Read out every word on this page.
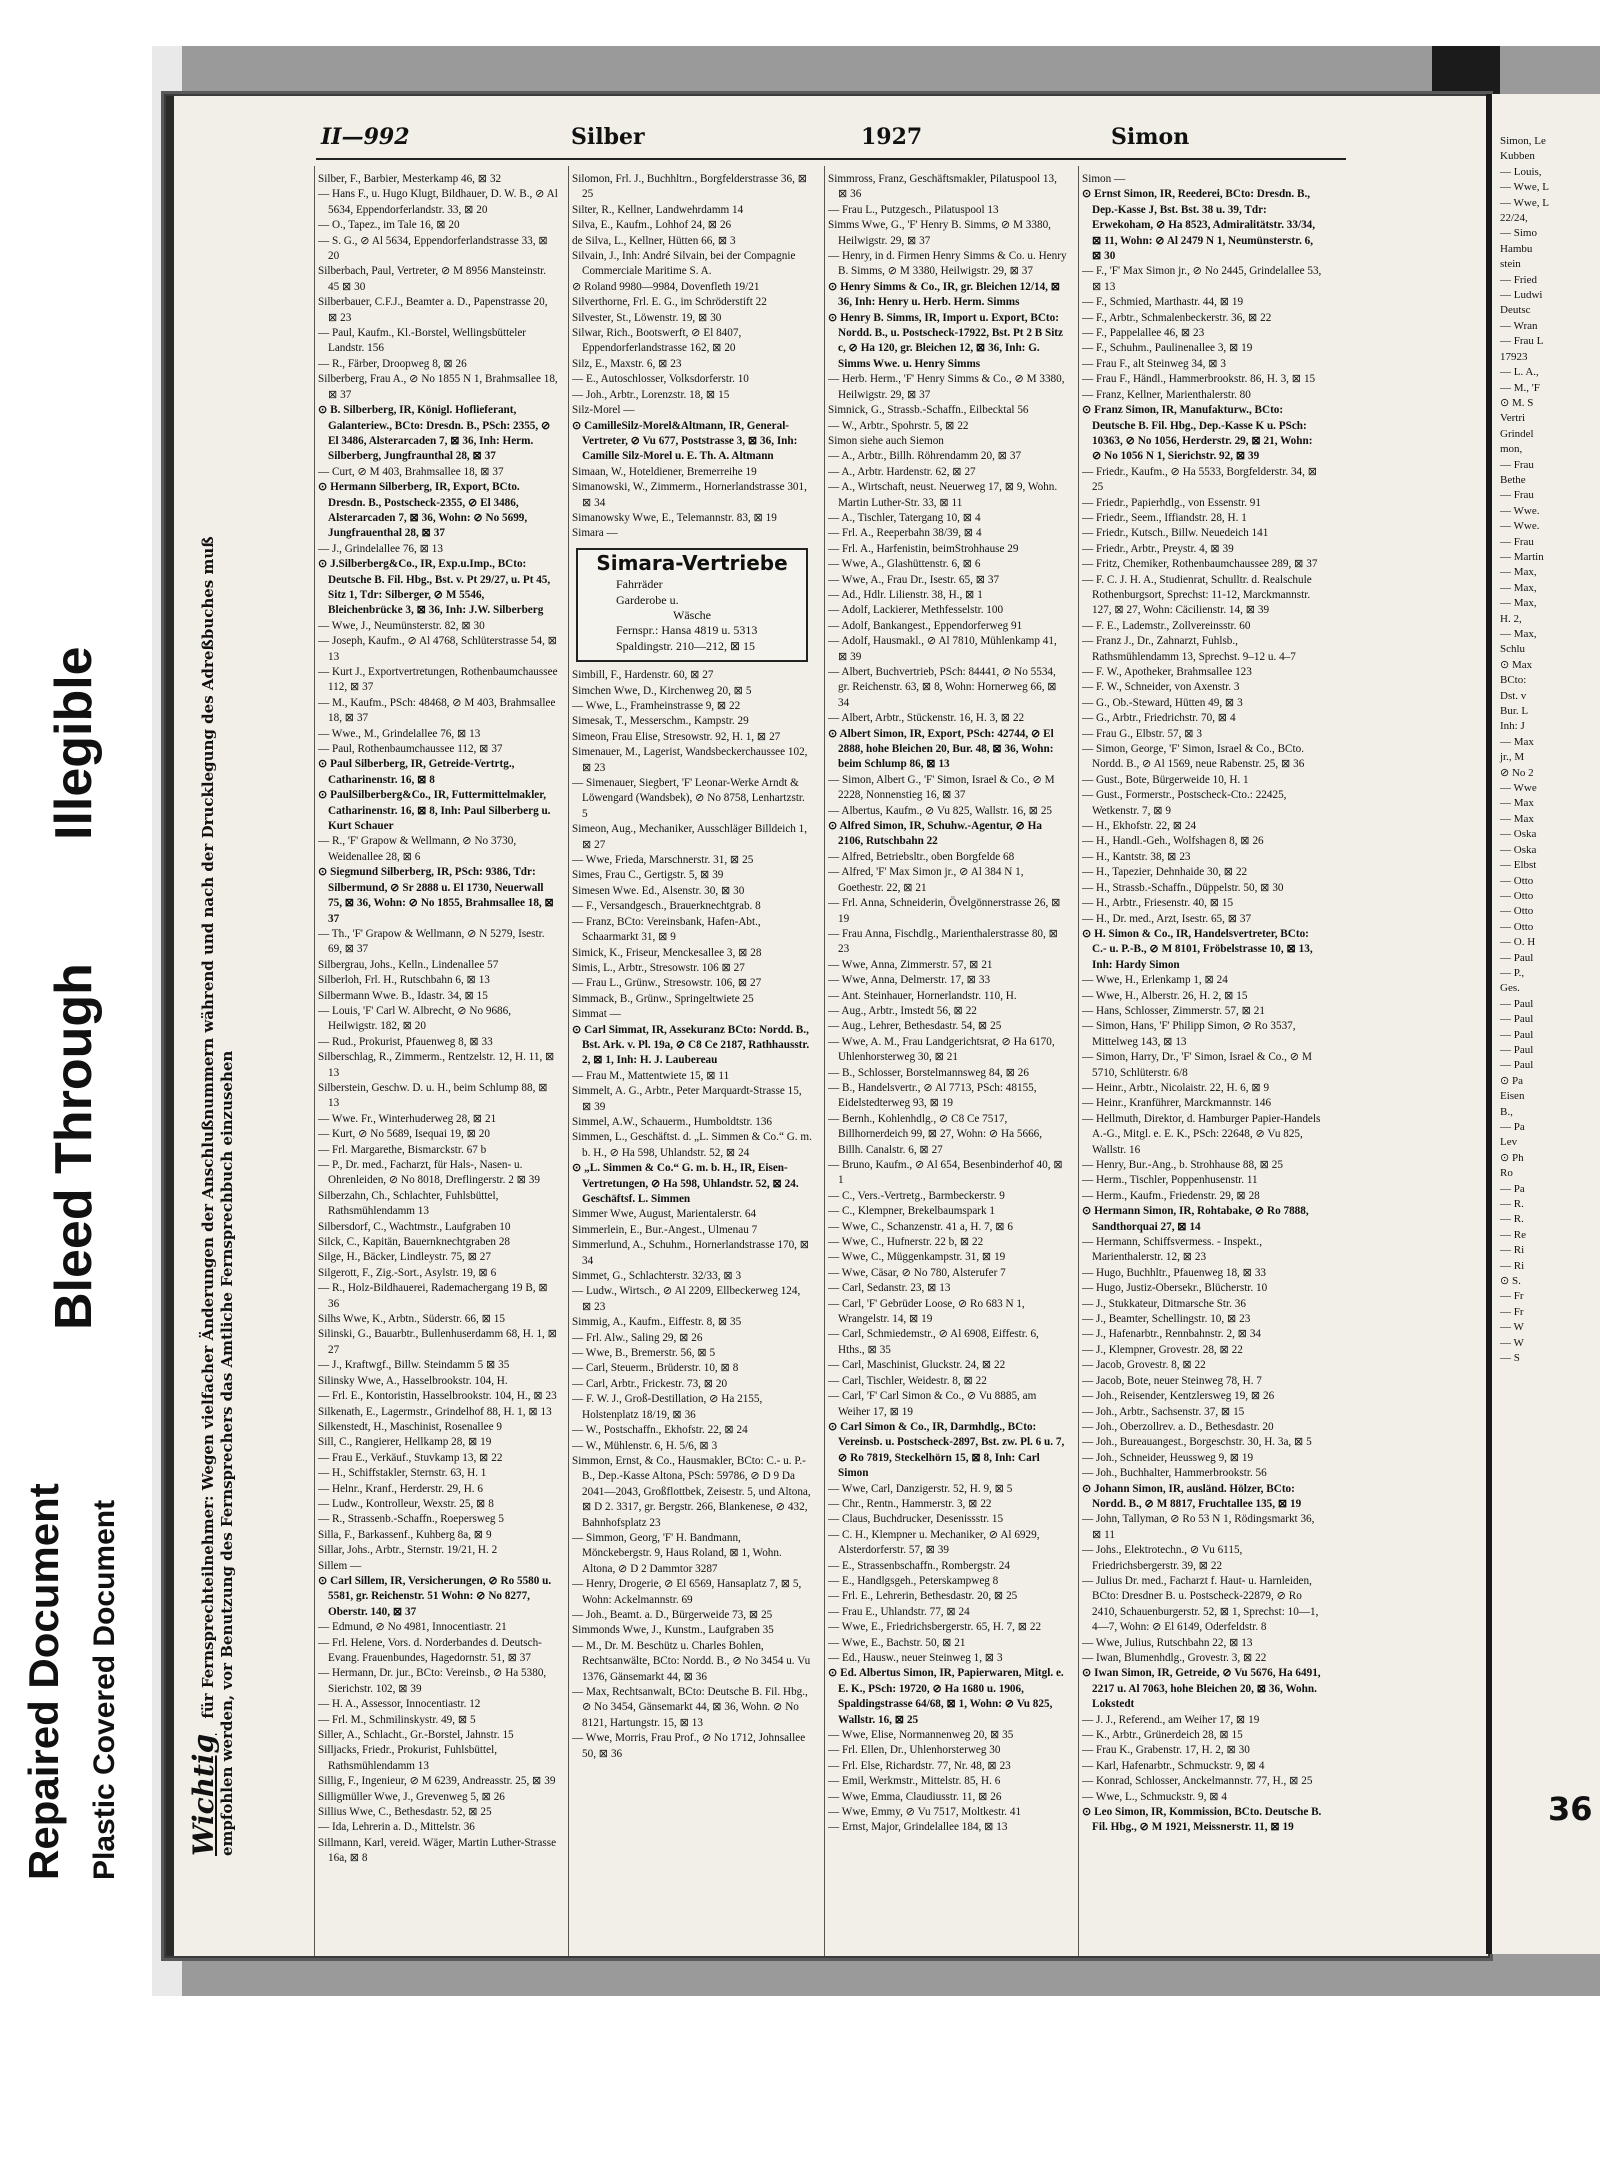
Repaired Document Plastic Covered Document
Bleed Through
Illegible
II—992	Silber	1927	Simon
Wichtig für Fernsprechteilnehmer: Wegen vielfacher Änderungen der Anschlußnummern während und nach der Drucklegung des Adreßbuches muß empfohlen werden, vor Benutzung des Fernsprechers das Amtliche Fernsprechbuch einzusehen

Silber, F., Barbier, Mesterkamp 46, ⊠ 32

— Hans F., u. Hugo Klugt, Bildhauer, D. W. B., ⊘ Al 5634, Eppendorferlandstr. 33, ⊠ 20

— O., Tapez., im Tale 16, ⊠ 20

— S. G., ⊘ Al 5634, Eppendorferlandstrasse 33, ⊠ 20

Silberbach, Paul, Vertreter, ⊘ M 8956 Mansteinstr. 45 ⊠ 30

Silberbauer, C.F.J., Beamter a. D., Papenstrasse 20, ⊠ 23

— Paul, Kaufm., Kl.-Borstel, Wellingsbütteler Landstr. 156

— R., Färber, Droopweg 8, ⊠ 26

Silberberg, Frau A., ⊘ No 1855 N 1, Brahmsallee 18, ⊠ 37

⊙ B. Silberberg, IR, Königl. Hoflieferant, Galanteriew., BCto: Dresdn. B., PSch: 2355, ⊘ El 3486, Alsterarcaden 7, ⊠ 36, Inh: Herm. Silberberg, Jungfraunthal 28, ⊠ 37

— Curt, ⊘ M 403, Brahmsallee 18, ⊠ 37

⊙ Hermann Silberberg, IR, Export, BCto. Dresdn. B., Postscheck-2355, ⊘ El 3486, Alsterarcaden 7, ⊠ 36, Wohn: ⊘ No 5699, Jungfrauenthal 28, ⊠ 37

— J., Grindelallee 76, ⊠ 13

⊙ J.Silberberg&Co., IR, Exp.u.Imp., BCto: Deutsche B. Fil. Hbg., Bst. v. Pt 29/27, u. Pt 45, Sitz 1, Tdr: Silberger, ⊘ M 5546, Bleichenbrücke 3, ⊠ 36, Inh: J.W. Silberberg

— Wwe, J., Neumünsterstr. 82, ⊠ 30

— Joseph, Kaufm., ⊘ Al 4768, Schlüterstrasse 54, ⊠ 13

— Kurt J., Exportvertretungen, Rothenbaumchaussee 112, ⊠ 37

— M., Kaufm., PSch: 48468, ⊘ M 403, Brahmsallee 18, ⊠ 37

— Wwe., M., Grindelallee 76, ⊠ 13

— Paul, Rothenbaumchaussee 112, ⊠ 37

⊙ Paul Silberberg, IR, Getreide-Vertrtg., Catharinenstr. 16, ⊠ 8

⊙ PaulSilberberg&Co., IR, Futtermittelmakler, Catharinenstr. 16, ⊠ 8, Inh: Paul Silberberg u. Kurt Schauer

— R., 'F' Grapow & Wellmann, ⊘ No 3730, Weidenallee 28, ⊠ 6

⊙ Siegmund Silberberg, IR, PSch: 9386, Tdr: Silbermund, ⊘ Sr 2888 u. El 1730, Neuerwall 75, ⊠ 36, Wohn: ⊘ No 1855, Brahmsallee 18, ⊠ 37

— Th., 'F' Grapow & Wellmann, ⊘ N 5279, Isestr. 69, ⊠ 37

Silbergrau, Johs., Kelln., Lindenallee 57

Silberloh, Frl. H., Rutschbahn 6, ⊠ 13

Silbermann Wwe. B., Idastr. 34, ⊠ 15

— Louis, 'F' Carl W. Albrecht, ⊘ No 9686, Heilwigstr. 182, ⊠ 20

— Rud., Prokurist, Pfauenweg 8, ⊠ 33

Silberschlag, R., Zimmerm., Rentzelstr. 12, H. 11, ⊠ 13

Silberstein, Geschw. D. u. H., beim Schlump 88, ⊠ 13

— Wwe. Fr., Winterhuderweg 28, ⊠ 21

— Kurt, ⊘ No 5689, Isequai 19, ⊠ 20

— Frl. Margarethe, Bismarckstr. 67 b

— P., Dr. med., Facharzt, für Hals-, Nasen- u. Ohrenleiden, ⊘ No 8018, Dreflingerstr. 2 ⊠ 39

Silberzahn, Ch., Schlachter, Fuhlsbüttel, Rathsmühlendamm 13

Silbersdorf, C., Wachtmstr., Laufgraben 10

Silck, C., Kapitän, Bauernknechtgraben 28

Silge, H., Bäcker, Lindleystr. 75, ⊠ 27

Silgerott, F., Zig.-Sort., Asylstr. 19, ⊠ 6

— R., Holz-Bildhauerei, Rademachergang 19 B, ⊠ 36

Silhs Wwe, K., Arbtn., Süderstr. 66, ⊠ 15

Silinski, G., Bauarbtr., Bullenhuserdamm 68, H. 1, ⊠ 27

— J., Kraftwgf., Billw. Steindamm 5 ⊠ 35

Silinsky Wwe, A., Hasselbrookstr. 104, H.

— Frl. E., Kontoristin, Hasselbrookstr. 104, H., ⊠ 23

Silkenath, E., Lagermstr., Grindelhof 88, H. 1, ⊠ 13

Silkenstedt, H., Maschinist, Rosenallee 9

Sill, C., Rangierer, Hellkamp 28, ⊠ 19

— Frau E., Verkäuf., Stuvkamp 13, ⊠ 22

— H., Schiffstakler, Sternstr. 63, H. 1

— Helnr., Kranf., Herderstr. 29, H. 6

— Ludw., Kontrolleur, Wexstr. 25, ⊠ 8

— R., Strassenb.-Schaffn., Roepersweg 5

Silla, F., Barkassenf., Kuhberg 8a, ⊠ 9

Sillar, Johs., Arbtr., Sternstr. 19/21, H. 2

Sillem —

⊙ Carl Sillem, IR, Versicherungen, ⊘ Ro 5580 u. 5581, gr. Reichenstr. 51 Wohn: ⊘ No 8277, Oberstr. 140, ⊠ 37

— Edmund, ⊘ No 4981, Innocentiastr. 21

— Frl. Helene, Vors. d. Norderbandes d. Deutsch-Evang. Frauenbundes, Hagedornstr. 51, ⊠ 37

— Hermann, Dr. jur., BCto: Vereinsb., ⊘ Ha 5380, Sierichstr. 102, ⊠ 39

— H. A., Assessor, Innocentiastr. 12

— Frl. M., Schmilinskystr. 49, ⊠ 5

Siller, A., Schlacht., Gr.-Borstel, Jahnstr. 15

Silljacks, Friedr., Prokurist, Fuhlsbüttel, Rathsmühlendamm 13

Sillig, F., Ingenieur, ⊘ M 6239, Andreasstr. 25, ⊠ 39

Silligmüller Wwe, J., Grevenweg 5, ⊠ 26

Sillius Wwe, C., Bethesdastr. 52, ⊠ 25

— Ida, Lehrerin a. D., Mittelstr. 36

Sillmann, Karl, vereid. Wäger, Martin Luther-Strasse 16a, ⊠ 8

Silomon, Frl. J., Buchhltrn., Borgfelderstrasse 36, ⊠ 25

Silter, R., Kellner, Landwehrdamm 14

Silva, E., Kaufm., Lohhof 24, ⊠ 26

de Silva, L., Kellner, Hütten 66, ⊠ 3

Silvain, J., Inh: André Silvain, bei der Compagnie Commerciale Maritime S. A.

⊘ Roland 9980—9984, Dovenfleth 19/21

Silverthorne, Frl. E. G., im Schröderstift 22

Silvester, St., Löwenstr. 19, ⊠ 30

Silwar, Rich., Bootswerft, ⊘ El 8407, Eppendorferlandstrasse 162, ⊠ 20

Silz, E., Maxstr. 6, ⊠ 23

— E., Autoschlosser, Volksdorferstr. 10

— Joh., Arbtr., Lorenzstr. 18, ⊠ 15

Silz-Morel —

⊙ CamilleSilz-Morel&Altmann, IR, General-Vertreter, ⊘ Vu 677, Poststrasse 3, ⊠ 36, Inh: Camille Silz-Morel u. E. Th. A. Altmann

Simaan, W., Hoteldiener, Bremerreihe 19

Simanowski, W., Zimmerm., Hornerlandstrasse 301, ⊠ 34

Simanowsky Wwe, E., Telemannstr. 83, ⊠ 19

Simara —

Simara-Vertriebe
Fahrräder
Garderobe u.
Wäsche
Fernspr.: Hansa 4819 u. 5313
Spaldingstr. 210—212, ⊠ 15

Simbill, F., Hardenstr. 60, ⊠ 27

Simchen Wwe, D., Kirchenweg 20, ⊠ 5

— Wwe, L., Framheinstrasse 9, ⊠ 22

Simesak, T., Messerschm., Kampstr. 29

Simeon, Frau Elise, Stresowstr. 92, H. 1, ⊠ 27

Simenauer, M., Lagerist, Wandsbeckerchaussee 102, ⊠ 23

— Simenauer, Siegbert, 'F' Leonar-Werke Arndt & Löwengard (Wandsbek), ⊘ No 8758, Lenhartzstr. 5

Simeon, Aug., Mechaniker, Ausschläger Billdeich 1, ⊠ 27

— Wwe, Frieda, Marschnerstr. 31, ⊠ 25

Simes, Frau C., Gertigstr. 5, ⊠ 39

Simesen Wwe. Ed., Alsenstr. 30, ⊠ 30

— F., Versandgesch., Brauerknechtgrab. 8

— Franz, BCto: Vereinsbank, Hafen-Abt., Schaarmarkt 31, ⊠ 9

Simick, K., Friseur, Menckesallee 3, ⊠ 28

Simis, L., Arbtr., Stresowstr. 106 ⊠ 27

— Frau L., Grünw., Stresowstr. 106, ⊠ 27

Simmack, B., Grünw., Springeltwiete 25

Simmat —

⊙ Carl Simmat, IR, Assekuranz BCto: Nordd. B., Bst. Ark. v. Pl. 19a, ⊘ C8 Ce 2187, Rathhausstr. 2, ⊠ 1, Inh: H. J. Laubereau

— Frau M., Mattentwiete 15, ⊠ 11

Simmelt, A. G., Arbtr., Peter Marquardt-Strasse 15, ⊠ 39

Simmel, A.W., Schauerm., Humboldtstr. 136

Simmen, L., Geschäftst. d. „L. Simmen & Co.“ G. m. b. H., ⊘ Ha 598, Uhlandstr. 52, ⊠ 24

⊙ „L. Simmen & Co.“ G. m. b. H., IR, Eisen-Vertretungen, ⊘ Ha 598, Uhlandstr. 52, ⊠ 24. Geschäftsf. L. Simmen

Simmer Wwe, August, Marientalerstr. 64

Simmerlein, E., Bur.-Angest., Ulmenau 7

Simmerlund, A., Schuhm., Hornerlandstrasse 170, ⊠ 34

Simmet, G., Schlachterstr. 32/33, ⊠ 3

— Ludw., Wirtsch., ⊘ Al 2209, Ellbeckerweg 124, ⊠ 23

Simmig, A., Kaufm., Eiffestr. 8, ⊠ 35

— Frl. Alw., Saling 29, ⊠ 26

— Wwe, B., Bremerstr. 56, ⊠ 5

— Carl, Steuerm., Brüderstr. 10, ⊠ 8

— Carl, Arbtr., Frickestr. 73, ⊠ 20

— F. W. J., Groß-Destillation, ⊘ Ha 2155, Holstenplatz 18/19, ⊠ 36

— W., Postschaffn., Ekhofstr. 22, ⊠ 24

— W., Mühlenstr. 6, H. 5/6, ⊠ 3

Simmon, Ernst, & Co., Hausmakler, BCto: C.- u. P.-B., Dep.-Kasse Altona, PSch: 59786, ⊘ D 9 Da 2041—2043, Großflottbek, Zeisestr. 5, und Altona, ⊠ D 2. 3317, gr. Bergstr. 266, Blankenese, ⊘ 432, Bahnhofsplatz 23

— Simmon, Georg, 'F' H. Bandmann, Mönckebergstr. 9, Haus Roland, ⊠ 1, Wohn. Altona, ⊘ D 2 Dammtor 3287

— Henry, Drogerie, ⊘ El 6569, Hansaplatz 7, ⊠ 5, Wohn: Ackelmannstr. 69

— Joh., Beamt. a. D., Bürgerweide 73, ⊠ 25

Simmonds Wwe, J., Kunstm., Laufgraben 35

— M., Dr. M. Beschütz u. Charles Bohlen, Rechtsanwälte, BCto: Nordd. B., ⊘ No 3454 u. Vu 1376, Gänsemarkt 44, ⊠ 36

— Max, Rechtsanwalt, BCto: Deutsche B. Fil. Hbg., ⊘ No 3454, Gänsemarkt 44, ⊠ 36, Wohn. ⊘ No 8121, Hartungstr. 15, ⊠ 13

— Wwe, Morris, Frau Prof., ⊘ No 1712, Johnsallee 50, ⊠ 36

Simmross, Franz, Geschäftsmakler, Pilatuspool 13, ⊠ 36

— Frau L., Putzgesch., Pilatuspool 13

Simms Wwe, G., 'F' Henry B. Simms, ⊘ M 3380, Heilwigstr. 29, ⊠ 37

— Henry, in d. Firmen Henry Simms & Co. u. Henry B. Simms, ⊘ M 3380, Heilwigstr. 29, ⊠ 37

⊙ Henry Simms & Co., IR, gr. Bleichen 12/14, ⊠ 36, Inh: Henry u. Herb. Herm. Simms

⊙ Henry B. Simms, IR, Import u. Export, BCto: Nordd. B., u. Postscheck-17922, Bst. Pt 2 B Sitz c, ⊘ Ha 120, gr. Bleichen 12, ⊠ 36, Inh: G. Simms Wwe. u. Henry Simms

— Herb. Herm., 'F' Henry Simms & Co., ⊘ M 3380, Heilwigstr. 29, ⊠ 37

Simnick, G., Strassb.-Schaffn., Eilbecktal 56

— W., Arbtr., Spohrstr. 5, ⊠ 22

Simon siehe auch Siemon

— A., Arbtr., Billh. Röhrendamm 20, ⊠ 37

— A., Arbtr. Hardenstr. 62, ⊠ 27

— A., Wirtschaft, neust. Neuerweg 17, ⊠ 9, Wohn. Martin Luther-Str. 33, ⊠ 11

— A., Tischler, Tatergang 10, ⊠ 4

— Frl. A., Reeperbahn 38/39, ⊠ 4

— Frl. A., Harfenistin, beimStrohhause 29

— Wwe, A., Glashüttenstr. 6, ⊠ 6

— Wwe, A., Frau Dr., Isestr. 65, ⊠ 37

— Ad., Hdlr. Lilienstr. 38, H., ⊠ 1

— Adolf, Lackierer, Methfesselstr. 100

— Adolf, Bankangest., Eppendorferweg 91

— Adolf, Hausmakl., ⊘ Al 7810, Mühlenkamp 41, ⊠ 39

— Albert, Buchvertrieb, PSch: 84441, ⊘ No 5534, gr. Reichenstr. 63, ⊠ 8, Wohn: Hornerweg 66, ⊠ 34

— Albert, Arbtr., Stückenstr. 16, H. 3, ⊠ 22

⊙ Albert Simon, IR, Export, PSch: 42744, ⊘ El 2888, hohe Bleichen 20, Bur. 48, ⊠ 36, Wohn: beim Schlump 86, ⊠ 13

— Simon, Albert G., 'F' Simon, Israel & Co., ⊘ M 2228, Nonnenstieg 16, ⊠ 37

— Albertus, Kaufm., ⊘ Vu 825, Wallstr. 16, ⊠ 25

⊙ Alfred Simon, IR, Schuhw.-Agentur, ⊘ Ha 2106, Rutschbahn 22

— Alfred, Betriebsltr., oben Borgfelde 68

— Alfred, 'F' Max Simon jr., ⊘ Al 384 N 1, Goethestr. 22, ⊠ 21

— Frl. Anna, Schneiderin, Övelgönnerstrasse 26, ⊠ 19

— Frau Anna, Fischdlg., Marienthalerstrasse 80, ⊠ 23

— Wwe, Anna, Zimmerstr. 57, ⊠ 21

— Wwe, Anna, Delmerstr. 17, ⊠ 33

— Ant. Steinhauer, Hornerlandstr. 110, H.

— Aug., Arbtr., Imstedt 56, ⊠ 22

— Aug., Lehrer, Bethesdastr. 54, ⊠ 25

— Wwe, A. M., Frau Landgerichtsrat, ⊘ Ha 6170, Uhlenhorsterweg 30, ⊠ 21

— B., Schlosser, Borstelmannsweg 84, ⊠ 26

— B., Handelsvertr., ⊘ Al 7713, PSch: 48155, Eidelstedterweg 93, ⊠ 19

— Bernh., Kohlenhdlg., ⊘ C8 Ce 7517, Billhornerdeich 99, ⊠ 27, Wohn: ⊘ Ha 5666, Billh. Canalstr. 6, ⊠ 27

— Bruno, Kaufm., ⊘ Al 654, Besenbinderhof 40, ⊠ 1

— C., Vers.-Vertretg., Barmbeckerstr. 9

— C., Klempner, Brekelbaumspark 1

— Wwe, C., Schanzenstr. 41 a, H. 7, ⊠ 6

— Wwe, C., Hufnerstr. 22 b, ⊠ 22

— Wwe, C., Müggenkampstr. 31, ⊠ 19

— Wwe, Cäsar, ⊘ No 780, Alsterufer 7

— Carl, Sedanstr. 23, ⊠ 13

— Carl, 'F' Gebrüder Loose, ⊘ Ro 683 N 1, Wrangelstr. 14, ⊠ 19

— Carl, Schmiedemstr., ⊘ Al 6908, Eiffestr. 6, Hths., ⊠ 35

— Carl, Maschinist, Gluckstr. 24, ⊠ 22

— Carl, Tischler, Weidestr. 8, ⊠ 22

— Carl, 'F' Carl Simon & Co., ⊘ Vu 8885, am Weiher 17, ⊠ 19

⊙ Carl Simon & Co., IR, Darmhdlg., BCto: Vereinsb. u. Postscheck-2897, Bst. zw. Pl. 6 u. 7, ⊘ Ro 7819, Steckelhörn 15, ⊠ 8, Inh: Carl Simon

— Wwe, Carl, Danzigerstr. 52, H. 9, ⊠ 5

— Chr., Rentn., Hammerstr. 3, ⊠ 22

— Claus, Buchdrucker, Desenissstr. 15

— C. H., Klempner u. Mechaniker, ⊘ Al 6929, Alsterdorferstr. 57, ⊠ 39

— E., Strassenbschaffn., Rombergstr. 24

— E., Handlgsgeh., Peterskampweg 8

— Frl. E., Lehrerin, Bethesdastr. 20, ⊠ 25

— Frau E., Uhlandstr. 77, ⊠ 24

— Wwe, E., Friedrichsbergerstr. 65, H. 7, ⊠ 22

— Wwe, E., Bachstr. 50, ⊠ 21

— Ed., Hausw., neuer Steinweg 1, ⊠ 3

⊙ Ed. Albertus Simon, IR, Papierwaren, Mitgl. e. E. K., PSch: 19720, ⊘ Ha 1680 u. 1906, Spaldingstrasse 64/68, ⊠ 1, Wohn: ⊘ Vu 825, Wallstr. 16, ⊠ 25

— Wwe, Elise, Normannenweg 20, ⊠ 35

— Frl. Ellen, Dr., Uhlenhorsterweg 30

— Frl. Else, Richardstr. 77, Nr. 48, ⊠ 23

— Emil, Werkmstr., Mittelstr. 85, H. 6

— Wwe, Emma, Claudiusstr. 11, ⊠ 26

— Wwe, Emmy, ⊘ Vu 7517, Moltkestr. 41

— Ernst, Major, Grindelallee 184, ⊠ 13

Simon —

⊙ Ernst Simon, IR, Reederei, BCto: Dresdn. B., Dep.-Kasse J, Bst. Bst. 38 u. 39, Tdr: Erwekoham, ⊘ Ha 8523, Admiralitätstr. 33/34, ⊠ 11, Wohn: ⊘ Al 2479 N 1, Neumünsterstr. 6, ⊠ 30

— F., 'F' Max Simon jr., ⊘ No 2445, Grindelallee 53, ⊠ 13

— F., Schmied, Marthastr. 44, ⊠ 19

— F., Arbtr., Schmalenbeckerstr. 36, ⊠ 22

— F., Pappelallee 46, ⊠ 23

— F., Schuhm., Paulinenallee 3, ⊠ 19

— Frau F., alt Steinweg 34, ⊠ 3

— Frau F., Händl., Hammerbrookstr. 86, H. 3, ⊠ 15

— Franz, Kellner, Marienthalerstr. 80

⊙ Franz Simon, IR, Manufakturw., BCto: Deutsche B. Fil. Hbg., Dep.-Kasse K u. PSch: 10363, ⊘ No 1056, Herderstr. 29, ⊠ 21, Wohn: ⊘ No 1056 N 1, Sierichstr. 92, ⊠ 39

— Friedr., Kaufm., ⊘ Ha 5533, Borgfelderstr. 34, ⊠ 25

— Friedr., Papierhdlg., von Essenstr. 91

— Friedr., Seem., Iffiandstr. 28, H. 1

— Friedr., Kutsch., Billw. Neuedeich 141

— Friedr., Arbtr., Preystr. 4, ⊠ 39

— Fritz, Chemiker, Rothenbaumchaussee 289, ⊠ 37

— F. C. J. H. A., Studienrat, Schulltr. d. Realschule Rothenburgsort, Sprechst: 11-12, Marckmannstr. 127, ⊠ 27, Wohn: Cäcilienstr. 14, ⊠ 39

— F. E., Lademstr., Zollvereinsstr. 60

— Franz J., Dr., Zahnarzt, Fuhlsb., Rathsmühlendamm 13, Sprechst. 9–12 u. 4–7

— F. W., Apotheker, Brahmsallee 123

— F. W., Schneider, von Axenstr. 3

— G., Ob.-Steward, Hütten 49, ⊠ 3

— G., Arbtr., Friedrichstr. 70, ⊠ 4

— Frau G., Elbstr. 57, ⊠ 3

— Simon, George, 'F' Simon, Israel & Co., BCto. Nordd. B., ⊘ Al 1569, neue Rabenstr. 25, ⊠ 36

— Gust., Bote, Bürgerweide 10, H. 1

— Gust., Formerstr., Postscheck-Cto.: 22425, Wetkenstr. 7, ⊠ 9

— H., Ekhofstr. 22, ⊠ 24

— H., Handl.-Geh., Wolfshagen 8, ⊠ 26

— H., Kantstr. 38, ⊠ 23

— H., Tapezier, Dehnhaide 30, ⊠ 22

— H., Strassb.-Schaffn., Düppelstr. 50, ⊠ 30

— H., Arbtr., Friesenstr. 40, ⊠ 15

— H., Dr. med., Arzt, Isestr. 65, ⊠ 37

⊙ H. Simon & Co., IR, Handelsvertreter, BCto: C.- u. P.-B., ⊘ M 8101, Fröbelstrasse 10, ⊠ 13, Inh: Hardy Simon

— Wwe, H., Erlenkamp 1, ⊠ 24

— Wwe, H., Alberstr. 26, H. 2, ⊠ 15

— Hans, Schlosser, Zimmerstr. 57, ⊠ 21

— Simon, Hans, 'F' Philipp Simon, ⊘ Ro 3537, Mittelweg 143, ⊠ 13

— Simon, Harry, Dr., 'F' Simon, Israel & Co., ⊘ M 5710, Schlüterstr. 6/8

— Heinr., Arbtr., Nicolaistr. 22, H. 6, ⊠ 9

— Heinr., Kranführer, Marckmannstr. 146

— Hellmuth, Direktor, d. Hamburger Papier-Handels A.-G., Mitgl. e. E. K., PSch: 22648, ⊘ Vu 825, Wallstr. 16

— Henry, Bur.-Ang., b. Strohhause 88, ⊠ 25

— Herm., Tischler, Poppenhusenstr. 11

— Herm., Kaufm., Friedenstr. 29, ⊠ 28

⊙ Hermann Simon, IR, Rohtabake, ⊘ Ro 7888, Sandthorquai 27, ⊠ 14

— Hermann, Schiffsvermess. - Inspekt., Marienthalerstr. 12, ⊠ 23

— Hugo, Buchhltr., Pfauenweg 18, ⊠ 33

— Hugo, Justiz-Obersekr., Blücherstr. 10

— J., Stukkateur, Ditmarsche Str. 36

— J., Beamter, Schellingstr. 10, ⊠ 23

— J., Hafenarbtr., Rennbahnstr. 2, ⊠ 34

— J., Klempner, Grovestr. 28, ⊠ 22

— Jacob, Grovestr. 8, ⊠ 22

— Jacob, Bote, neuer Steinweg 78, H. 7

— Joh., Reisender, Kentzlersweg 19, ⊠ 26

— Joh., Arbtr., Sachsenstr. 37, ⊠ 15

— Joh., Oberzollrev. a. D., Bethesdastr. 20

— Joh., Bureauangest., Borgeschstr. 30, H. 3a, ⊠ 5

— Joh., Schneider, Heussweg 9, ⊠ 19

— Joh., Buchhalter, Hammerbrookstr. 56

⊙ Johann Simon, IR, ausländ. Hölzer, BCto: Nordd. B., ⊘ M 8817, Fruchtallee 135, ⊠ 19

— John, Tallyman, ⊘ Ro 53 N 1, Rödingsmarkt 36, ⊠ 11

— Johs., Elektrotechn., ⊘ Vu 6115, Friedrichsbergerstr. 39, ⊠ 22

— Julius Dr. med., Facharzt f. Haut- u. Harnleiden, BCto: Dresdner B. u. Postscheck-22879, ⊘ Ro 2410, Schauenburgerstr. 52, ⊠ 1, Sprechst: 10—1, 4—7, Wohn: ⊘ El 6149, Oderfeldstr. 8

— Wwe, Julius, Rutschbahn 22, ⊠ 13

— Iwan, Blumenhdlg., Grovestr. 3, ⊠ 22

⊙ Iwan Simon, IR, Getreide, ⊘ Vu 5676, Ha 6491, 2217 u. Al 7063, hohe Bleichen 20, ⊠ 36, Wohn. Lokstedt

— J. J., Referend., am Weiher 17, ⊠ 19

— K., Arbtr., Grünerdeich 28, ⊠ 15

— Frau K., Grabenstr. 17, H. 2, ⊠ 30

— Karl, Hafenarbtr., Schmuckstr. 9, ⊠ 4

— Konrad, Schlosser, Anckelmannstr. 77, H., ⊠ 25

— Wwe, L., Schmuckstr. 9, ⊠ 4

⊙ Leo Simon, IR, Kommission, BCto. Deutsche B. Fil. Hbg., ⊘ M 1921, Meissnerstr. 11, ⊠ 19

Simon, Le
Kubben
— Louis,
— Wwe, L
— Wwe, L
22/24,
— Simo
Hambu
stein
— Fried
— Ludwi
Deutsc
— Wran
— Frau L
17923
— L. A.,
— M., 'F
⊙ M. S
Vertri
Grindel
mon,
— Frau
Bethe
— Frau
— Wwe.
— Wwe.
— Frau
— Martin
— Max,
— Max,
— Max,
H. 2,
— Max,
Schlu
⊙ Max
BCto:
Dst. v
Bur. L
Inh: J
— Max
jr., M
⊘ No 2
— Wwe
— Max
— Max
— Oska
— Oska
— Elbst
— Otto
— Otto
— Otto
— Otto
— O. H
— Paul
— P.,
Ges.
— Paul
— Paul
— Paul
— Paul
— Paul
⊙ Pa
Eisen
B.,
— Pa
Lev
⊙ Ph
Ro
— Pa
— R.
— R.
— Re
— Ri
— Ri
⊙ S.
— Fr
— Fr
— W
— W
— S
36
